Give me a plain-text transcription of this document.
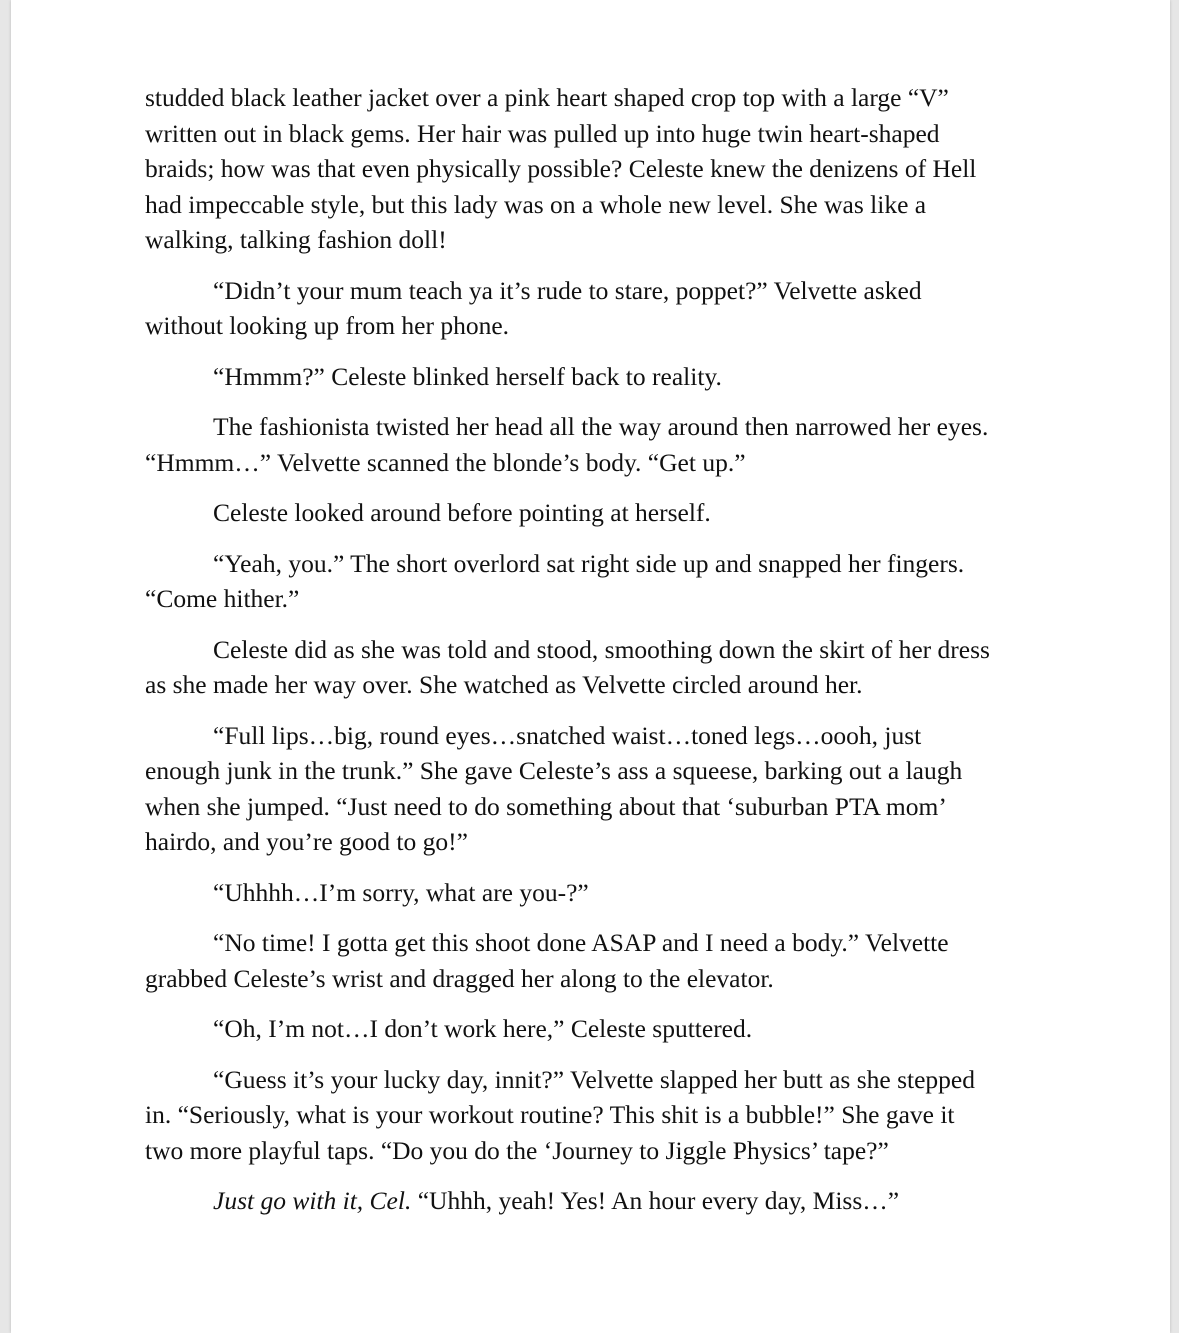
studded black leather jacket over a pink heart shaped crop top with a large “V”
written out in black gems. Her hair was pulled up into huge twin heart-shaped
braids; how was that even physically possible? Celeste knew the denizens of Hell
had impeccable style, but this lady was on a whole new level. She was like a
walking, talking fashion doll!
“Didn’t your mum teach ya it’s rude to stare, poppet?” Velvette asked
without looking up from her phone.
“Hmmm?” Celeste blinked herself back to reality.
The fashionista twisted her head all the way around then narrowed her eyes.
“Hmmm…” Velvette scanned the blonde’s body. “Get up.”
Celeste looked around before pointing at herself.
“Yeah, you.” The short overlord sat right side up and snapped her fingers.
“Come hither.”
Celeste did as she was told and stood, smoothing down the skirt of her dress
as she made her way over. She watched as Velvette circled around her.
“Full lips…big, round eyes…snatched waist…toned legs…oooh, just
enough junk in the trunk.” She gave Celeste’s ass a squeese, barking out a laugh
when she jumped. “Just need to do something about that ‘suburban PTA mom’
hairdo, and you’re good to go!”
“Uhhhh…I’m sorry, what are you-?”
“No time! I gotta get this shoot done ASAP and I need a body.” Velvette
grabbed Celeste’s wrist and dragged her along to the elevator.
“Oh, I’m not…I don’t work here,” Celeste sputtered.
“Guess it’s your lucky day, innit?” Velvette slapped her butt as she stepped
in. “Seriously, what is your workout routine? This shit is a bubble!” She gave it
two more playful taps. “Do you do the ‘Journey to Jiggle Physics’ tape?”
Just go with it, Cel. “Uhhh, yeah! Yes! An hour every day, Miss…”
